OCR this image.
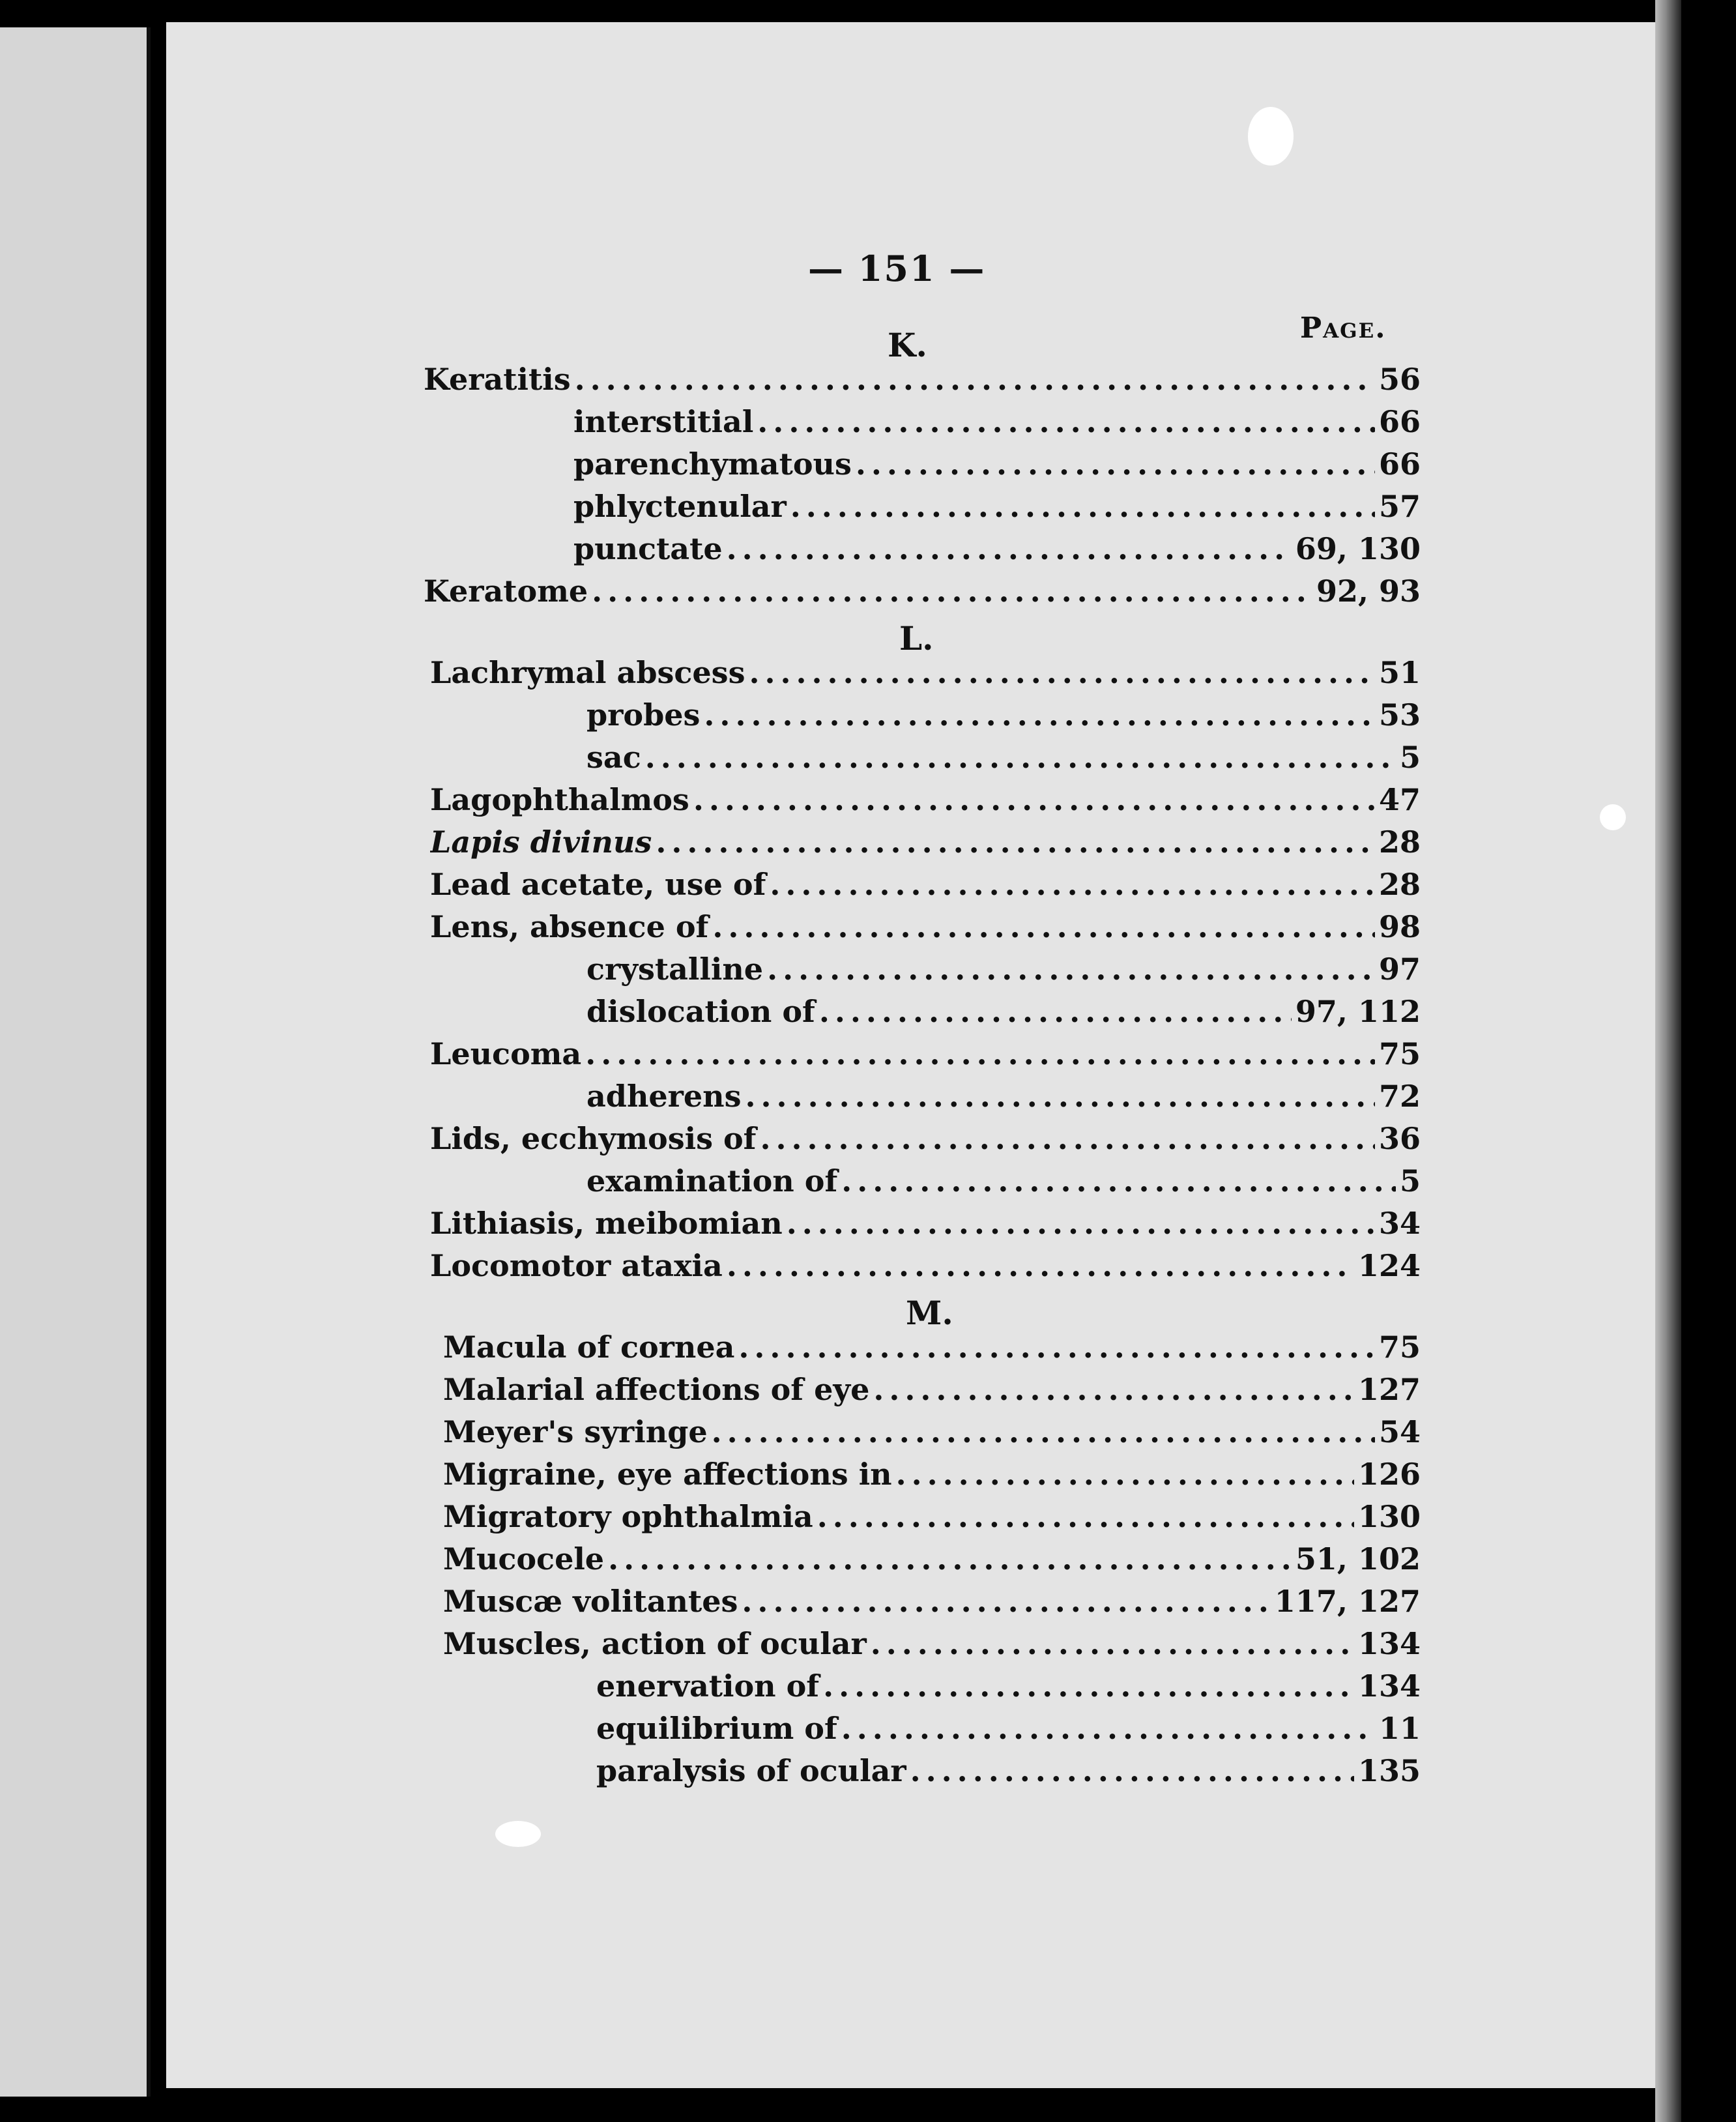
— 151 —
Page.
K.
Keratitis .....	56
interstitial .....	66
parenchymatous .....	66
phlyctenular .....	57
punctate .....	69, 130
Keratome .....	92, 93
L.
Lachrymal abscess .....	51
probes .....	53
sac .....	5
Lagophthalmos .....	47
Lapis divinus .....	28
Lead acetate, use of .....	28
Lens, absence of .....	98
crystalline .....	97
dislocation of .....	97, 112
Leucoma .....	75
adherens .....	72
Lids, ecchymosis of .....	36
examination of .....	5
Lithiasis, meibomian .....	34
Locomotor ataxia .....	124
M.
Macula of cornea .....	75
Malarial affections of eye .....	127
Meyer's syringe .....	54
Migraine, eye affections in .....	126
Migratory ophthalmia .....	130
Mucocele .....	51, 102
Muscæ volitantes .....	117, 127
Muscles, action of ocular .....	134
enervation of .....	134
equilibrium of .....	11
paralysis of ocular .....	135
